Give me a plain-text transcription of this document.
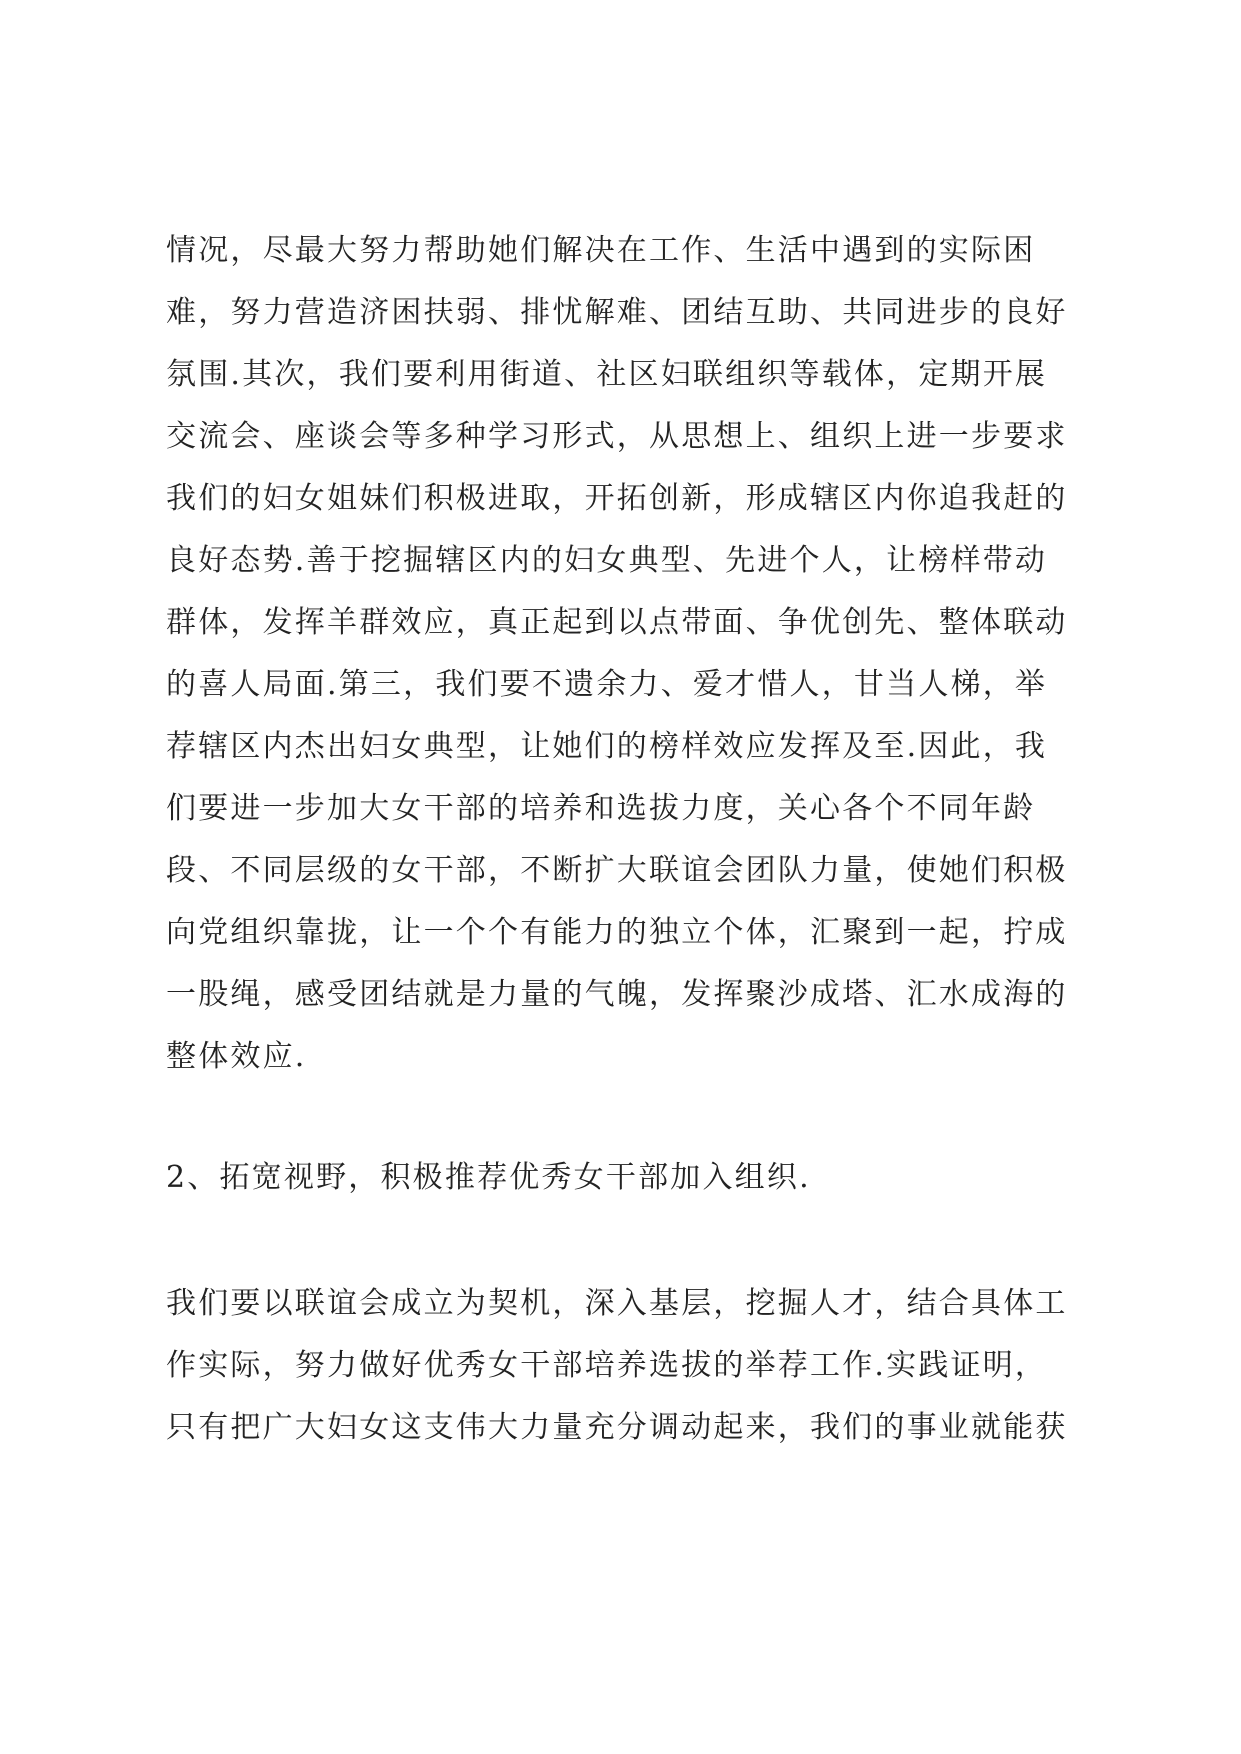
情况，尽最大努力帮助她们解决在工作、生活中遇到的实际困
难，努力营造济困扶弱、排忧解难、团结互助、共同进步的良好
氛围.其次，我们要利用街道、社区妇联组织等载体，定期开展
交流会、座谈会等多种学习形式，从思想上、组织上进一步要求
我们的妇女姐妹们积极进取，开拓创新，形成辖区内你追我赶的
良好态势.善于挖掘辖区内的妇女典型、先进个人，让榜样带动
群体，发挥羊群效应，真正起到以点带面、争优创先、整体联动
的喜人局面.第三，我们要不遗余力、爱才惜人，甘当人梯，举
荐辖区内杰出妇女典型，让她们的榜样效应发挥及至.因此，我
们要进一步加大女干部的培养和选拔力度，关心各个不同年龄
段、不同层级的女干部，不断扩大联谊会团队力量，使她们积极
向党组织靠拢，让一个个有能力的独立个体，汇聚到一起，拧成
一股绳，感受团结就是力量的气魄，发挥聚沙成塔、汇水成海的
整体效应.
2、拓宽视野，积极推荐优秀女干部加入组织.
我们要以联谊会成立为契机，深入基层，挖掘人才，结合具体工
作实际，努力做好优秀女干部培养选拔的举荐工作.实践证明，
只有把广大妇女这支伟大力量充分调动起来，我们的事业就能获
